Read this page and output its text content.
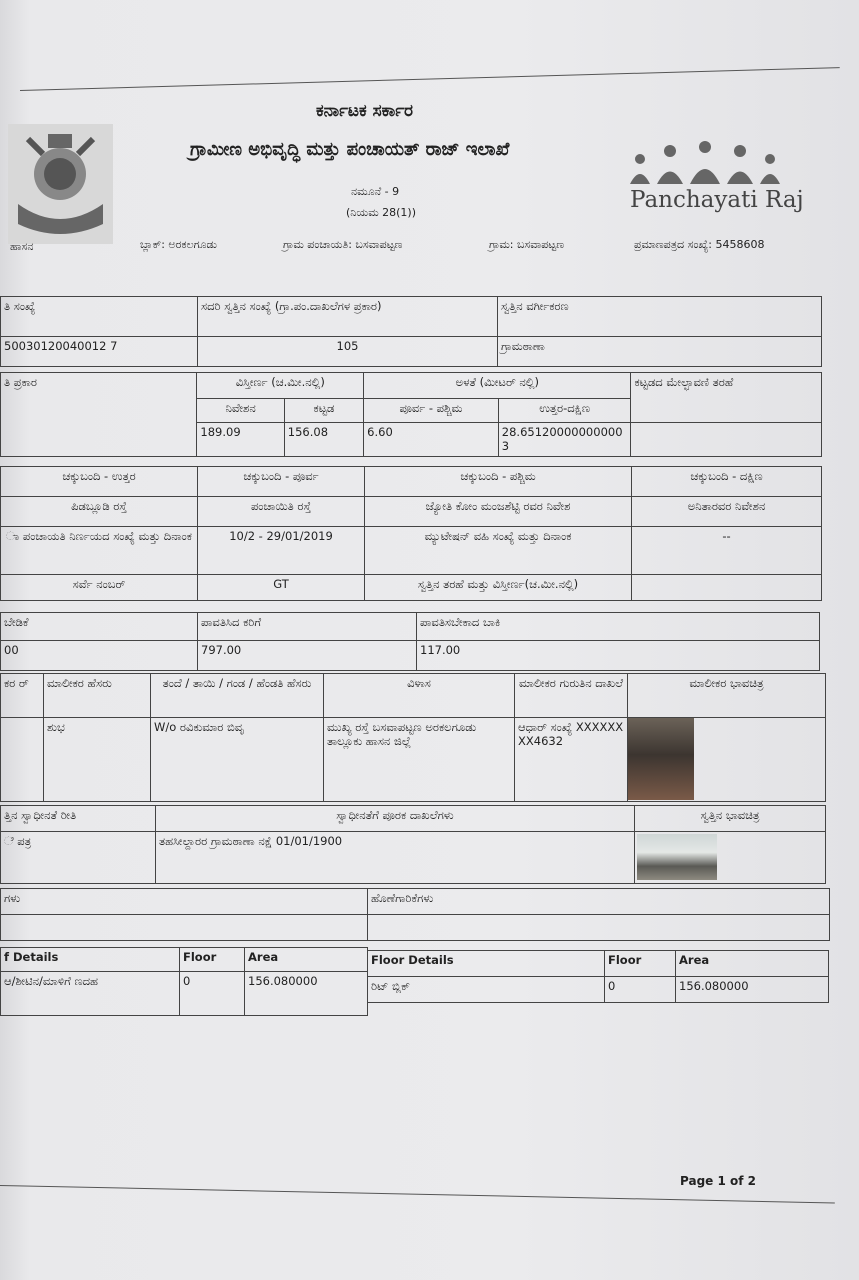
ಹಾಸನ
ಕರ್ನಾಟಕ ಸರ್ಕಾರ
ಗ್ರಾಮೀಣ ಅಭಿವೃದ್ಧಿ ಮತ್ತು ಪಂಚಾಯತ್ ರಾಜ್ ಇಲಾಖೆ
ನಮೂನೆ - 9
(ನಿಯಮ 28(1))	Panchayati Raj
ಬ್ಲಾಕ್: ಅರಕಲಗೂಡು	ಗ್ರಾಮ ಪಂಚಾಯತಿ: ಬಸವಾಪಟ್ಟಣ	ಗ್ರಾಮ: ಬಸವಾಪಟ್ಟಣ	ಪ್ರಮಾಣಪತ್ರದ ಸಂಖ್ಯೆ: 5458608
ತಿ ಸಂಖ್ಯೆ	ಸದರಿ ಸ್ವತ್ತಿನ ಸಂಖ್ಯೆ (ಗ್ರಾ.ಪಂ.ದಾಖಲೆಗಳ ಪ್ರಕಾರ)	ಸ್ವತ್ತಿನ ವರ್ಗೀಕರಣ
50030120040012 7	105	ಗ್ರಾಮಠಾಣಾ
ತಿ ಪ್ರಕಾರ	ವಿಸ್ತೀರ್ಣ (ಚ.ಮೀ.ನಲ್ಲಿ)		ಅಳತೆ (ಮೀಟರ್ ನಲ್ಲಿ)		ಕಟ್ಟಡದ ಮೇಲ್ಛಾವಣಿ ತರಹೆ
	ನಿವೇಶನ	ಕಟ್ಟಡ	ಪೂರ್ವ - ಪಶ್ಚಿಮ	ಉತ್ತರ-ದಕ್ಷಿಣ	
	189.09	156.08	6.60	28.651200000000003	
ಚಕ್ಕುಬಂದಿ - ಉತ್ತರ	ಚಕ್ಕುಬಂದಿ - ಪೂರ್ವ	ಚಕ್ಕುಬಂದಿ - ಪಶ್ಚಿಮ	ಚಕ್ಕುಬಂದಿ - ದಕ್ಷಿಣ
ಪಿಡಬ್ಲೂಡಿ ರಸ್ತೆ	ಪಂಚಾಯಿತಿ ರಸ್ತೆ	ಜ್ಯೋತಿ ಕೋಂ ಮಂಜಶೆಟ್ಟಿ ರವರ ನಿವೇಶ	ಅನಿತಾರವರ ನಿವೇಶನ
ಾ ಪಂಚಾಯತಿ ನಿರ್ಣಯದ ಸಂಖ್ಯೆ ಮತ್ತು ದಿನಾಂಕ	10/2 - 29/01/2019	ಮ್ಯುಟೇಷನ್ ವಹಿ ಸಂಖ್ಯೆ ಮತ್ತು ದಿನಾಂಕ	--
ಸರ್ವೆ ನಂಬರ್	GT	ಸ್ವತ್ತಿನ ತರಹೆ ಮತ್ತು ವಿಸ್ತೀರ್ಣ(ಚ.ಮೀ.ನಲ್ಲಿ)	
ಬೇಡಿಕೆ	ಪಾವತಿಸಿದ ಕರಿಗೆ	ಪಾವತಿಸಬೇಕಾದ ಬಾಕಿ
00	797.00	117.00
ಕರ ರ್	ಮಾಲೀಕರ ಹೆಸರು	ತಂದೆ / ತಾಯಿ / ಗಂಡ / ಹೆಂಡತಿ ಹೆಸರು	ವಿಳಾಸ	ಮಾಲೀಕರ ಗುರುತಿನ ದಾಖಲೆ	ಮಾಲೀಕರ ಭಾವಚಿತ್ರ
	ಶುಭ	W/o ರವಿಕುಮಾರ ಬಿವೃ	ಮುಖ್ಯ ರಸ್ತೆ ಬಸವಾಪಟ್ಟಣ ಅರಕಲಗೂಡು ತಾಲ್ಲೂಕು ಹಾಸನ ಜಿಲ್ಲೆ	ಆಧಾರ್ ಸಂಖ್ಯೆ XXXXXXXX4632	
ತ್ತಿನ ಸ್ವಾಧೀನತೆ ರೀತಿ	ಸ್ವಾಧೀನತೆಗೆ ಪೂರಕ ದಾಖಲೆಗಳು	ಸ್ವತ್ತಿನ ಭಾವಚಿತ್ರ
ೆ ಪತ್ರ	ತಹಸೀಲ್ದಾರರ ಗ್ರಾಮಠಾಣಾ ನಕ್ಷೆ 01/01/1900	
ಗಳು	ಹೊಣೆಗಾರಿಕೆಗಳು

f Details	Floor	Area
ಆ/ಶೀಟಿನ/ಮಾಳಿಗೆ ಣದಹ	0	156.080000
Floor Details	Floor	Area
ರಿಟ್ ಬ್ಲಿಕ್	0	156.080000
Page 1 of 2
